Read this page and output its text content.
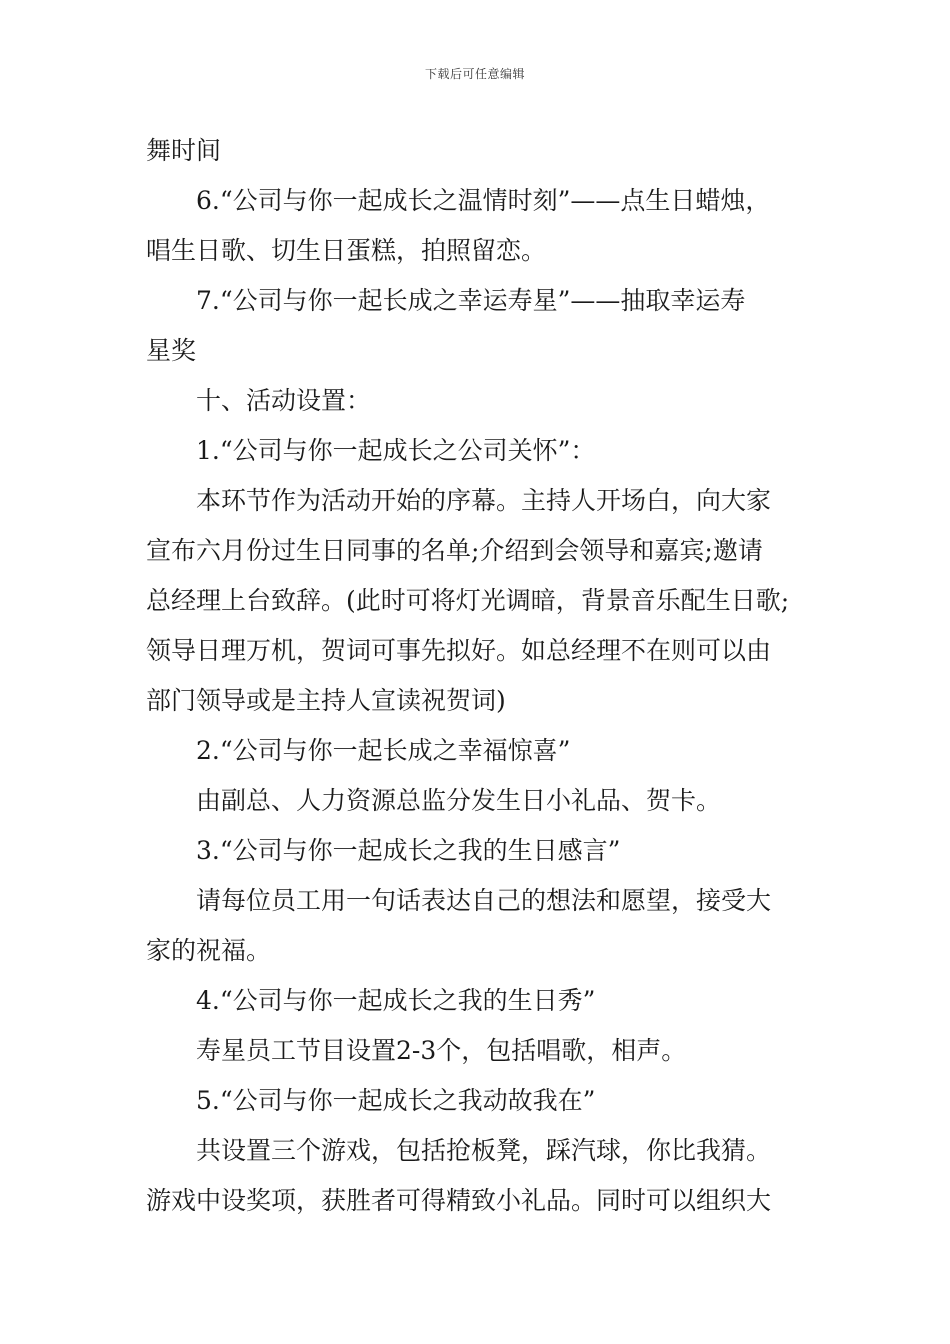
下载后可任意编辑
舞时间
6.“公司与你一起成长之温情时刻”——点生日蜡烛，
唱生日歌、切生日蛋糕，拍照留恋。
7.“公司与你一起长成之幸运寿星”——抽取幸运寿
星奖
十、活动设置：
1.“公司与你一起成长之公司关怀”：
本环节作为活动开始的序幕。主持人开场白，向大家
宣布六月份过生日同事的名单;介绍到会领导和嘉宾;邀请
总经理上台致辞。(此时可将灯光调暗，背景音乐配生日歌;
领导日理万机，贺词可事先拟好。如总经理不在则可以由
部门领导或是主持人宣读祝贺词)
2.“公司与你一起长成之幸福惊喜”
由副总、人力资源总监分发生日小礼品、贺卡。
3.“公司与你一起成长之我的生日感言”
请每位员工用一句话表达自己的想法和愿望，接受大
家的祝福。
4.“公司与你一起成长之我的生日秀”
寿星员工节目设置2-3个，包括唱歌，相声。
5.“公司与你一起成长之我动故我在”
共设置三个游戏，包括抢板凳，踩汽球，你比我猜。
游戏中设奖项，获胜者可得精致小礼品。同时可以组织大
